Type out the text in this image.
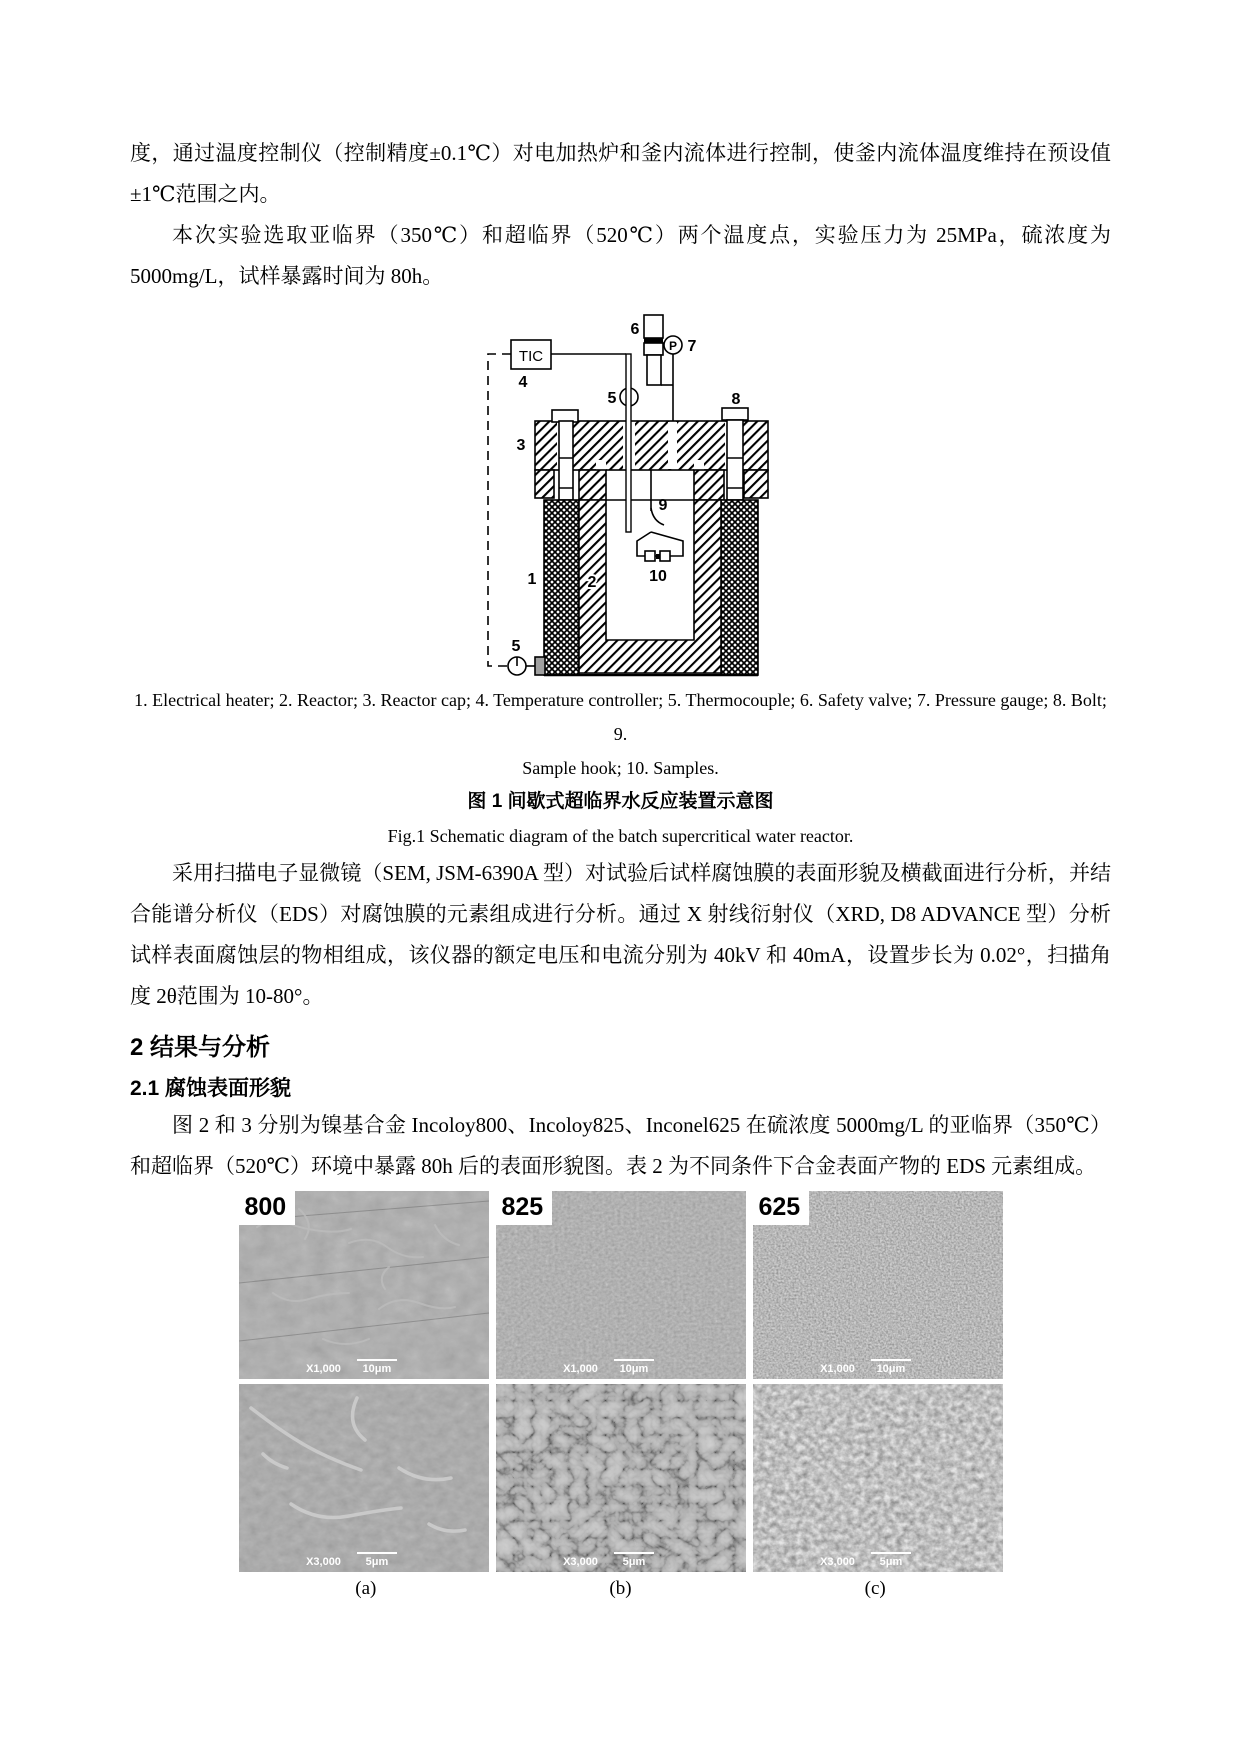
度，通过温度控制仪（控制精度±0.1℃）对电加热炉和釜内流体进行控制，使釜内流体温度维持在预设值±1℃范围之内。

本次实验选取亚临界（350℃）和超临界（520℃）两个温度点，实验压力为 25MPa，硫浓度为 5000mg/L，试样暴露时间为 80h。

TIC
P
4
6
7
5	8
3
1	2
9
10
5
1. Electrical heater; 2. Reactor; 3. Reactor cap; 4. Temperature controller; 5. Thermocouple; 6. Safety valve; 7. Pressure gauge; 8. Bolt; 9.
Sample hook; 10. Samples.
图 1 间歇式超临界水反应装置示意图
Fig.1 Schematic diagram of the batch supercritical water reactor.

采用扫描电子显微镜（SEM, JSM-6390A 型）对试验后试样腐蚀膜的表面形貌及横截面进行分析，并结合能谱分析仪（EDS）对腐蚀膜的元素组成进行分析。通过 X 射线衍射仪（XRD, D8 ADVANCE 型）分析试样表面腐蚀层的物相组成，该仪器的额定电压和电流分别为 40kV 和 40mA，设置步长为 0.02°，扫描角度 2θ范围为 10-80°。

2 结果与分析
2.1 腐蚀表面形貌

图 2 和 3 分别为镍基合金 Incoloy800、Incoloy825、Inconel625 在硫浓度 5000mg/L 的亚临界（350℃）和超临界（520℃）环境中暴露 80h 后的表面形貌图。表 2 为不同条件下合金表面产物的 EDS 元素组成。

800
X1,000 10μm
825
X1,000 10μm
625
X1,000 10μm
X3,000 5μm	X3,000 5μm	X3,000 5μm
(a)	(b)	(c)
